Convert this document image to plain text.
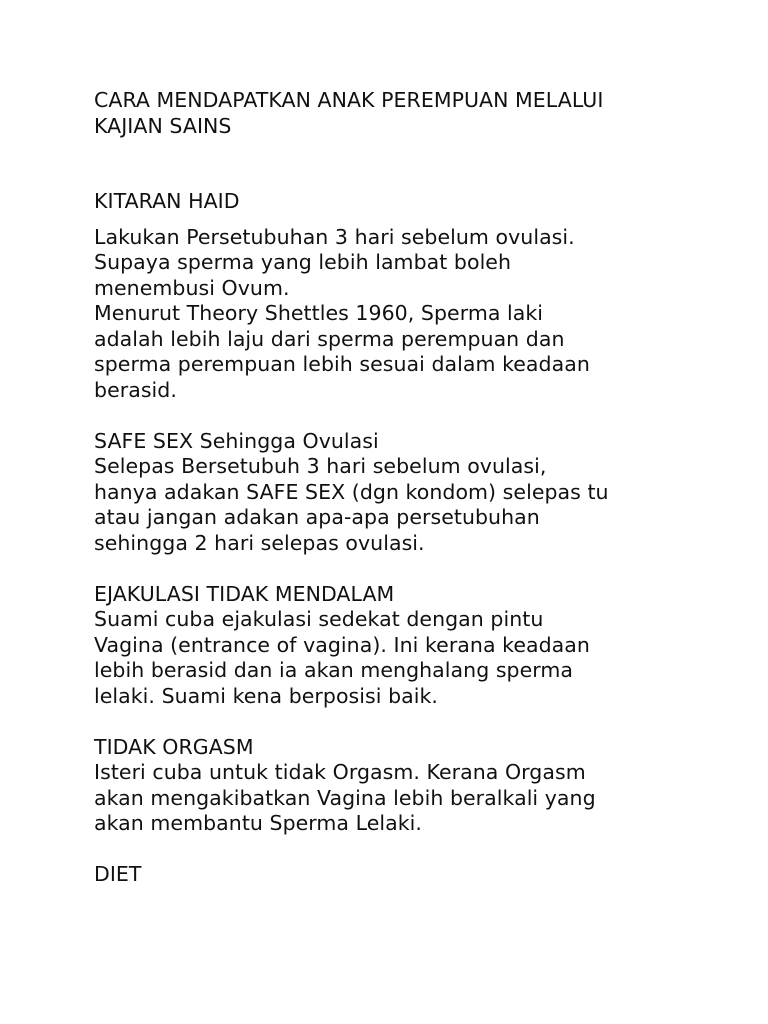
CARA MENDAPATKAN ANAK PEREMPUAN MELALUI
KAJIAN SAINS
KITARAN HAID
Lakukan Persetubuhan 3 hari sebelum ovulasi.
Supaya sperma yang lebih lambat boleh
menembusi Ovum.
Menurut Theory Shettles 1960, Sperma laki
adalah lebih laju dari sperma perempuan dan
sperma perempuan lebih sesuai dalam keadaan
berasid.
SAFE SEX Sehingga Ovulasi
Selepas Bersetubuh 3 hari sebelum ovulasi,
hanya adakan SAFE SEX (dgn kondom) selepas tu
atau jangan adakan apa-apa persetubuhan
sehingga 2 hari selepas ovulasi.
EJAKULASI TIDAK MENDALAM
Suami cuba ejakulasi sedekat dengan pintu
Vagina (entrance of vagina). Ini kerana keadaan
lebih berasid dan ia akan menghalang sperma
lelaki. Suami kena berposisi baik.
TIDAK ORGASM
Isteri cuba untuk tidak Orgasm. Kerana Orgasm
akan mengakibatkan Vagina lebih beralkali yang
akan membantu Sperma Lelaki.
DIET
